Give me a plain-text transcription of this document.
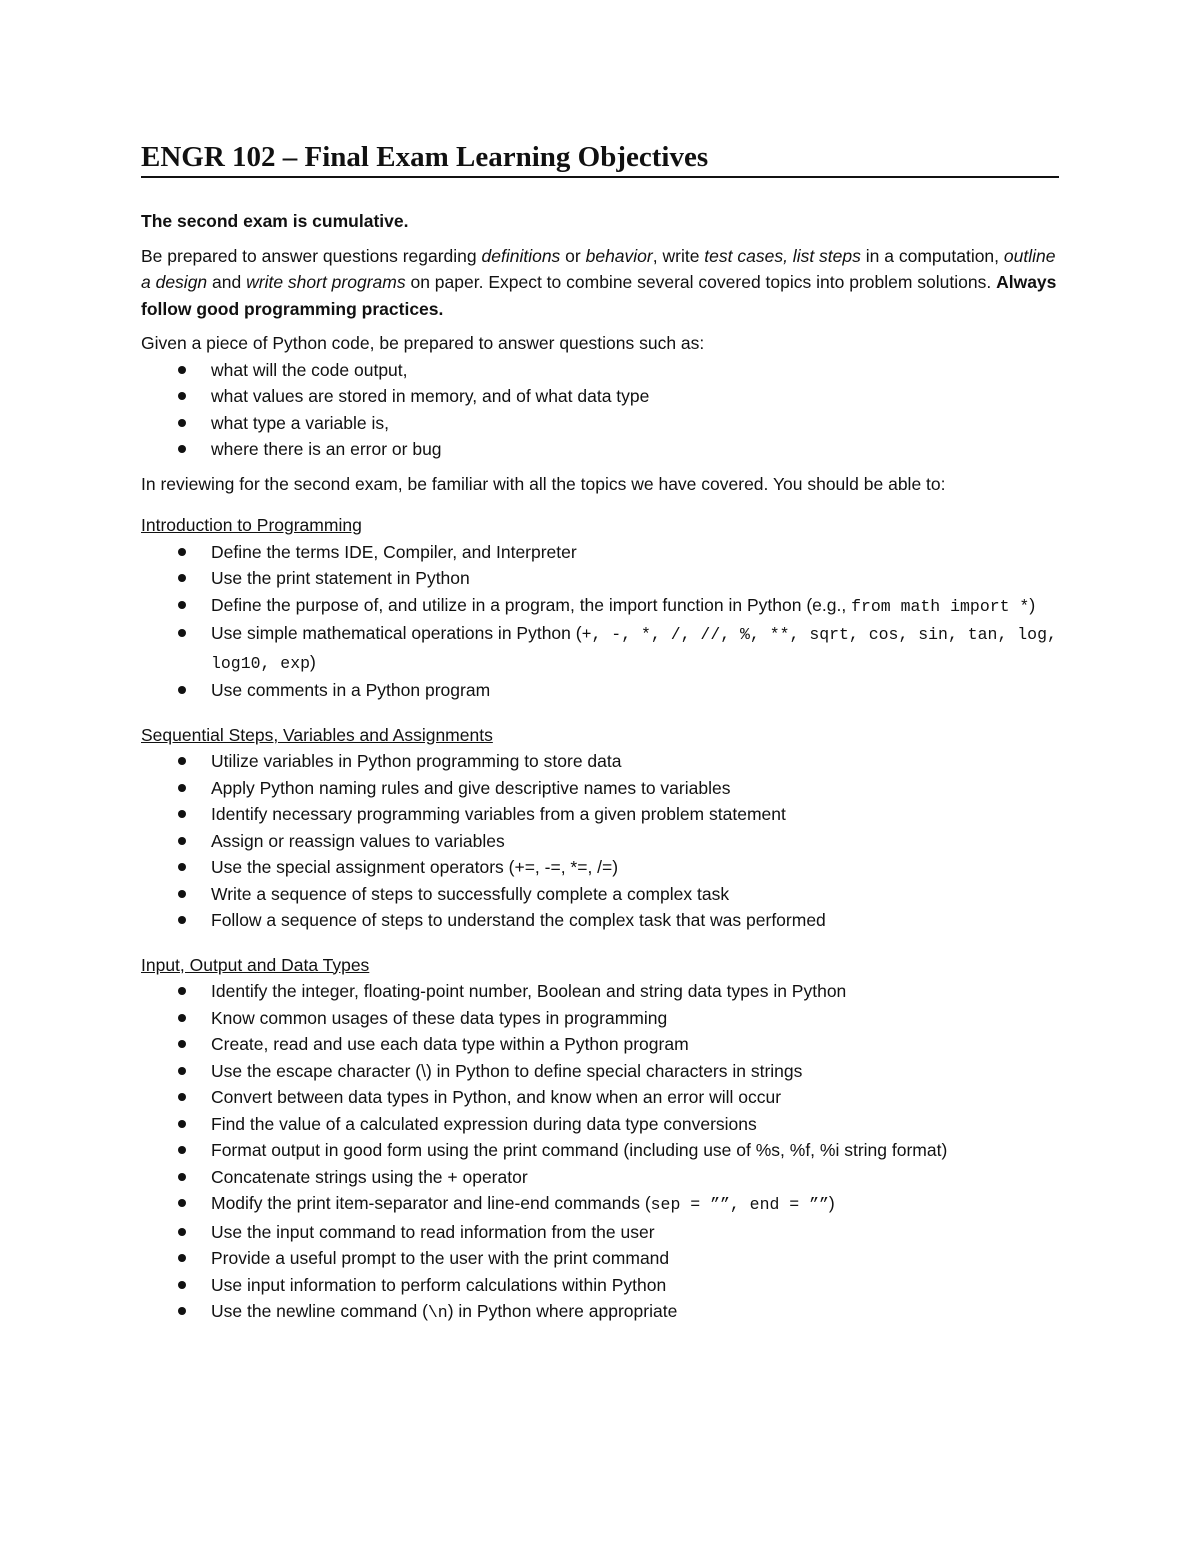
ENGR 102 – Final Exam Learning Objectives

The second exam is cumulative.

Be prepared to answer questions regarding definitions or behavior, write test cases, list steps in a computation, outline a design and write short programs on paper. Expect to combine several covered topics into problem solutions. Always follow good programming practices.

Given a piece of Python code, be prepared to answer questions such as:

what will the code output,
what values are stored in memory, and of what data type
what type a variable is,
where there is an error or bug

In reviewing for the second exam, be familiar with all the topics we have covered. You should be able to:

Introduction to Programming

Define the terms IDE, Compiler, and Interpreter
Use the print statement in Python
Define the purpose of, and utilize in a program, the import function in Python (e.g., from math import *)
Use simple mathematical operations in Python (+, -, *, /, //, %, **, sqrt, cos, sin, tan, log, log10, exp)
Use comments in a Python program

Sequential Steps, Variables and Assignments

Utilize variables in Python programming to store data
Apply Python naming rules and give descriptive names to variables
Identify necessary programming variables from a given problem statement
Assign or reassign values to variables
Use the special assignment operators (+=, -=, *=, /=)
Write a sequence of steps to successfully complete a complex task
Follow a sequence of steps to understand the complex task that was performed

Input, Output and Data Types

Identify the integer, floating-point number, Boolean and string data types in Python
Know common usages of these data types in programming
Create, read and use each data type within a Python program
Use the escape character (\) in Python to define special characters in strings
Convert between data types in Python, and know when an error will occur
Find the value of a calculated expression during data type conversions
Format output in good form using the print command (including use of %s, %f, %i string format)
Concatenate strings using the + operator
Modify the print item-separator and line-end commands (sep = ””, end = ””)
Use the input command to read information from the user
Provide a useful prompt to the user with the print command
Use input information to perform calculations within Python
Use the newline command (\n) in Python where appropriate
